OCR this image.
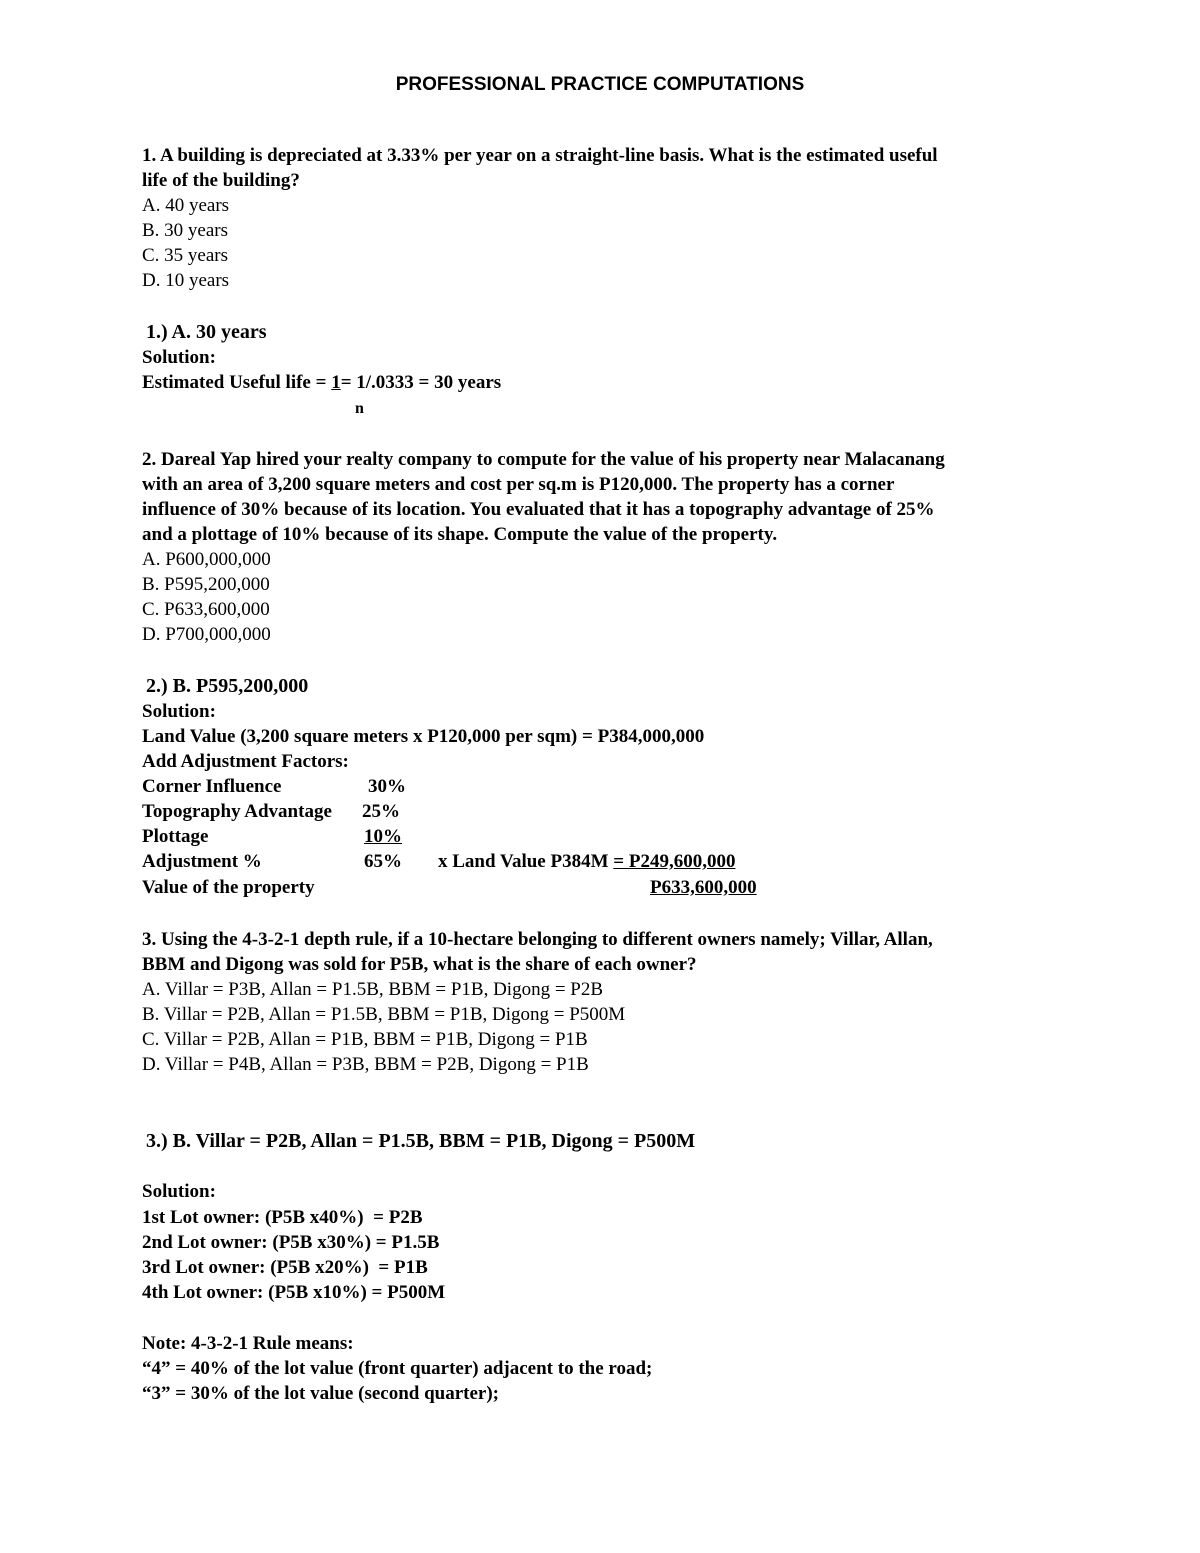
PROFESSIONAL PRACTICE COMPUTATIONS
1. A building is depreciated at 3.33% per year on a straight-line basis. What is the estimated useful
life of the building?
A. 40 years
B. 30 years
C. 35 years
D. 10 years
1.) A. 30 years
Solution:
Estimated Useful life = 1= 1/.0333 = 30 years
n
2. Dareal Yap hired your realty company to compute for the value of his property near Malacanang
with an area of 3,200 square meters and cost per sq.m is P120,000. The property has a corner
influence of 30% because of its location. You evaluated that it has a topography advantage of 25%
and a plottage of 10% because of its shape. Compute the value of the property.
A. P600,000,000
B. P595,200,000
C. P633,600,000
D. P700,000,000
2.) B. P595,200,000
Solution:
Land Value (3,200 square meters x P120,000 per sqm) = P384,000,000
Add Adjustment Factors:
Corner Influence	30%
Topography Advantage 25%
Plottage	10%
Adjustment %	65% x Land Value P384M = P249,600,000
Value of the property	P633,600,000
3. Using the 4-3-2-1 depth rule, if a 10-hectare belonging to different owners namely; Villar, Allan,
BBM and Digong was sold for P5B, what is the share of each owner?
A. Villar = P3B, Allan = P1.5B, BBM = P1B, Digong = P2B
B. Villar = P2B, Allan = P1.5B, BBM = P1B, Digong = P500M
C. Villar = P2B, Allan = P1B, BBM = P1B, Digong = P1B
D. Villar = P4B, Allan = P3B, BBM = P2B, Digong = P1B
3.) B. Villar = P2B, Allan = P1.5B, BBM = P1B, Digong = P500M
Solution:
1st Lot owner: (P5B x40%)  = P2B
2nd Lot owner: (P5B x30%) = P1.5B
3rd Lot owner: (P5B x20%)  = P1B
4th Lot owner: (P5B x10%) = P500M
Note: 4-3-2-1 Rule means:
“4” = 40% of the lot value (front quarter) adjacent to the road;
“3” = 30% of the lot value (second quarter);
